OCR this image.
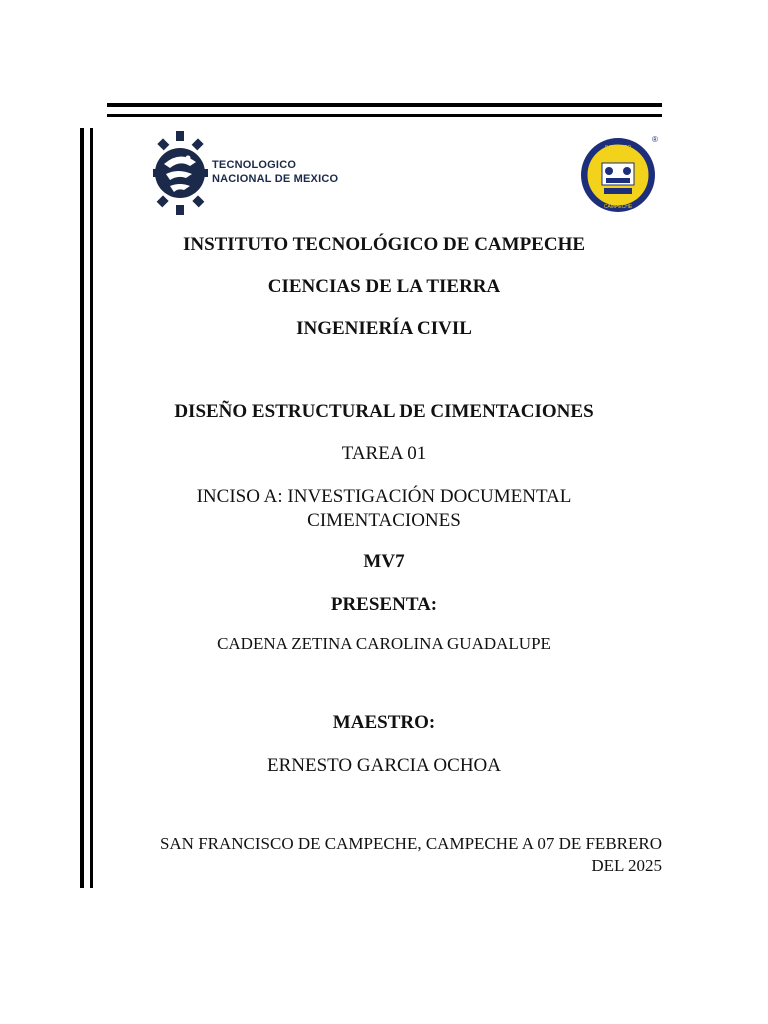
TECNOLOGICO
NACIONAL DE MEXICO
INSTITUTO
CAMPECHE
®
INSTITUTO TECNOLÓGICO DE CAMPECHE
CIENCIAS DE LA TIERRA
INGENIERÍA CIVIL
DISEÑO ESTRUCTURAL DE CIMENTACIONES
TAREA 01
INCISO A: INVESTIGACIÓN DOCUMENTAL
CIMENTACIONES
MV7
PRESENTA:
CADENA ZETINA CAROLINA GUADALUPE
MAESTRO:
ERNESTO GARCIA OCHOA
SAN FRANCISCO DE CAMPECHE, CAMPECHE A 07 DE FEBRERO
DEL 2025
